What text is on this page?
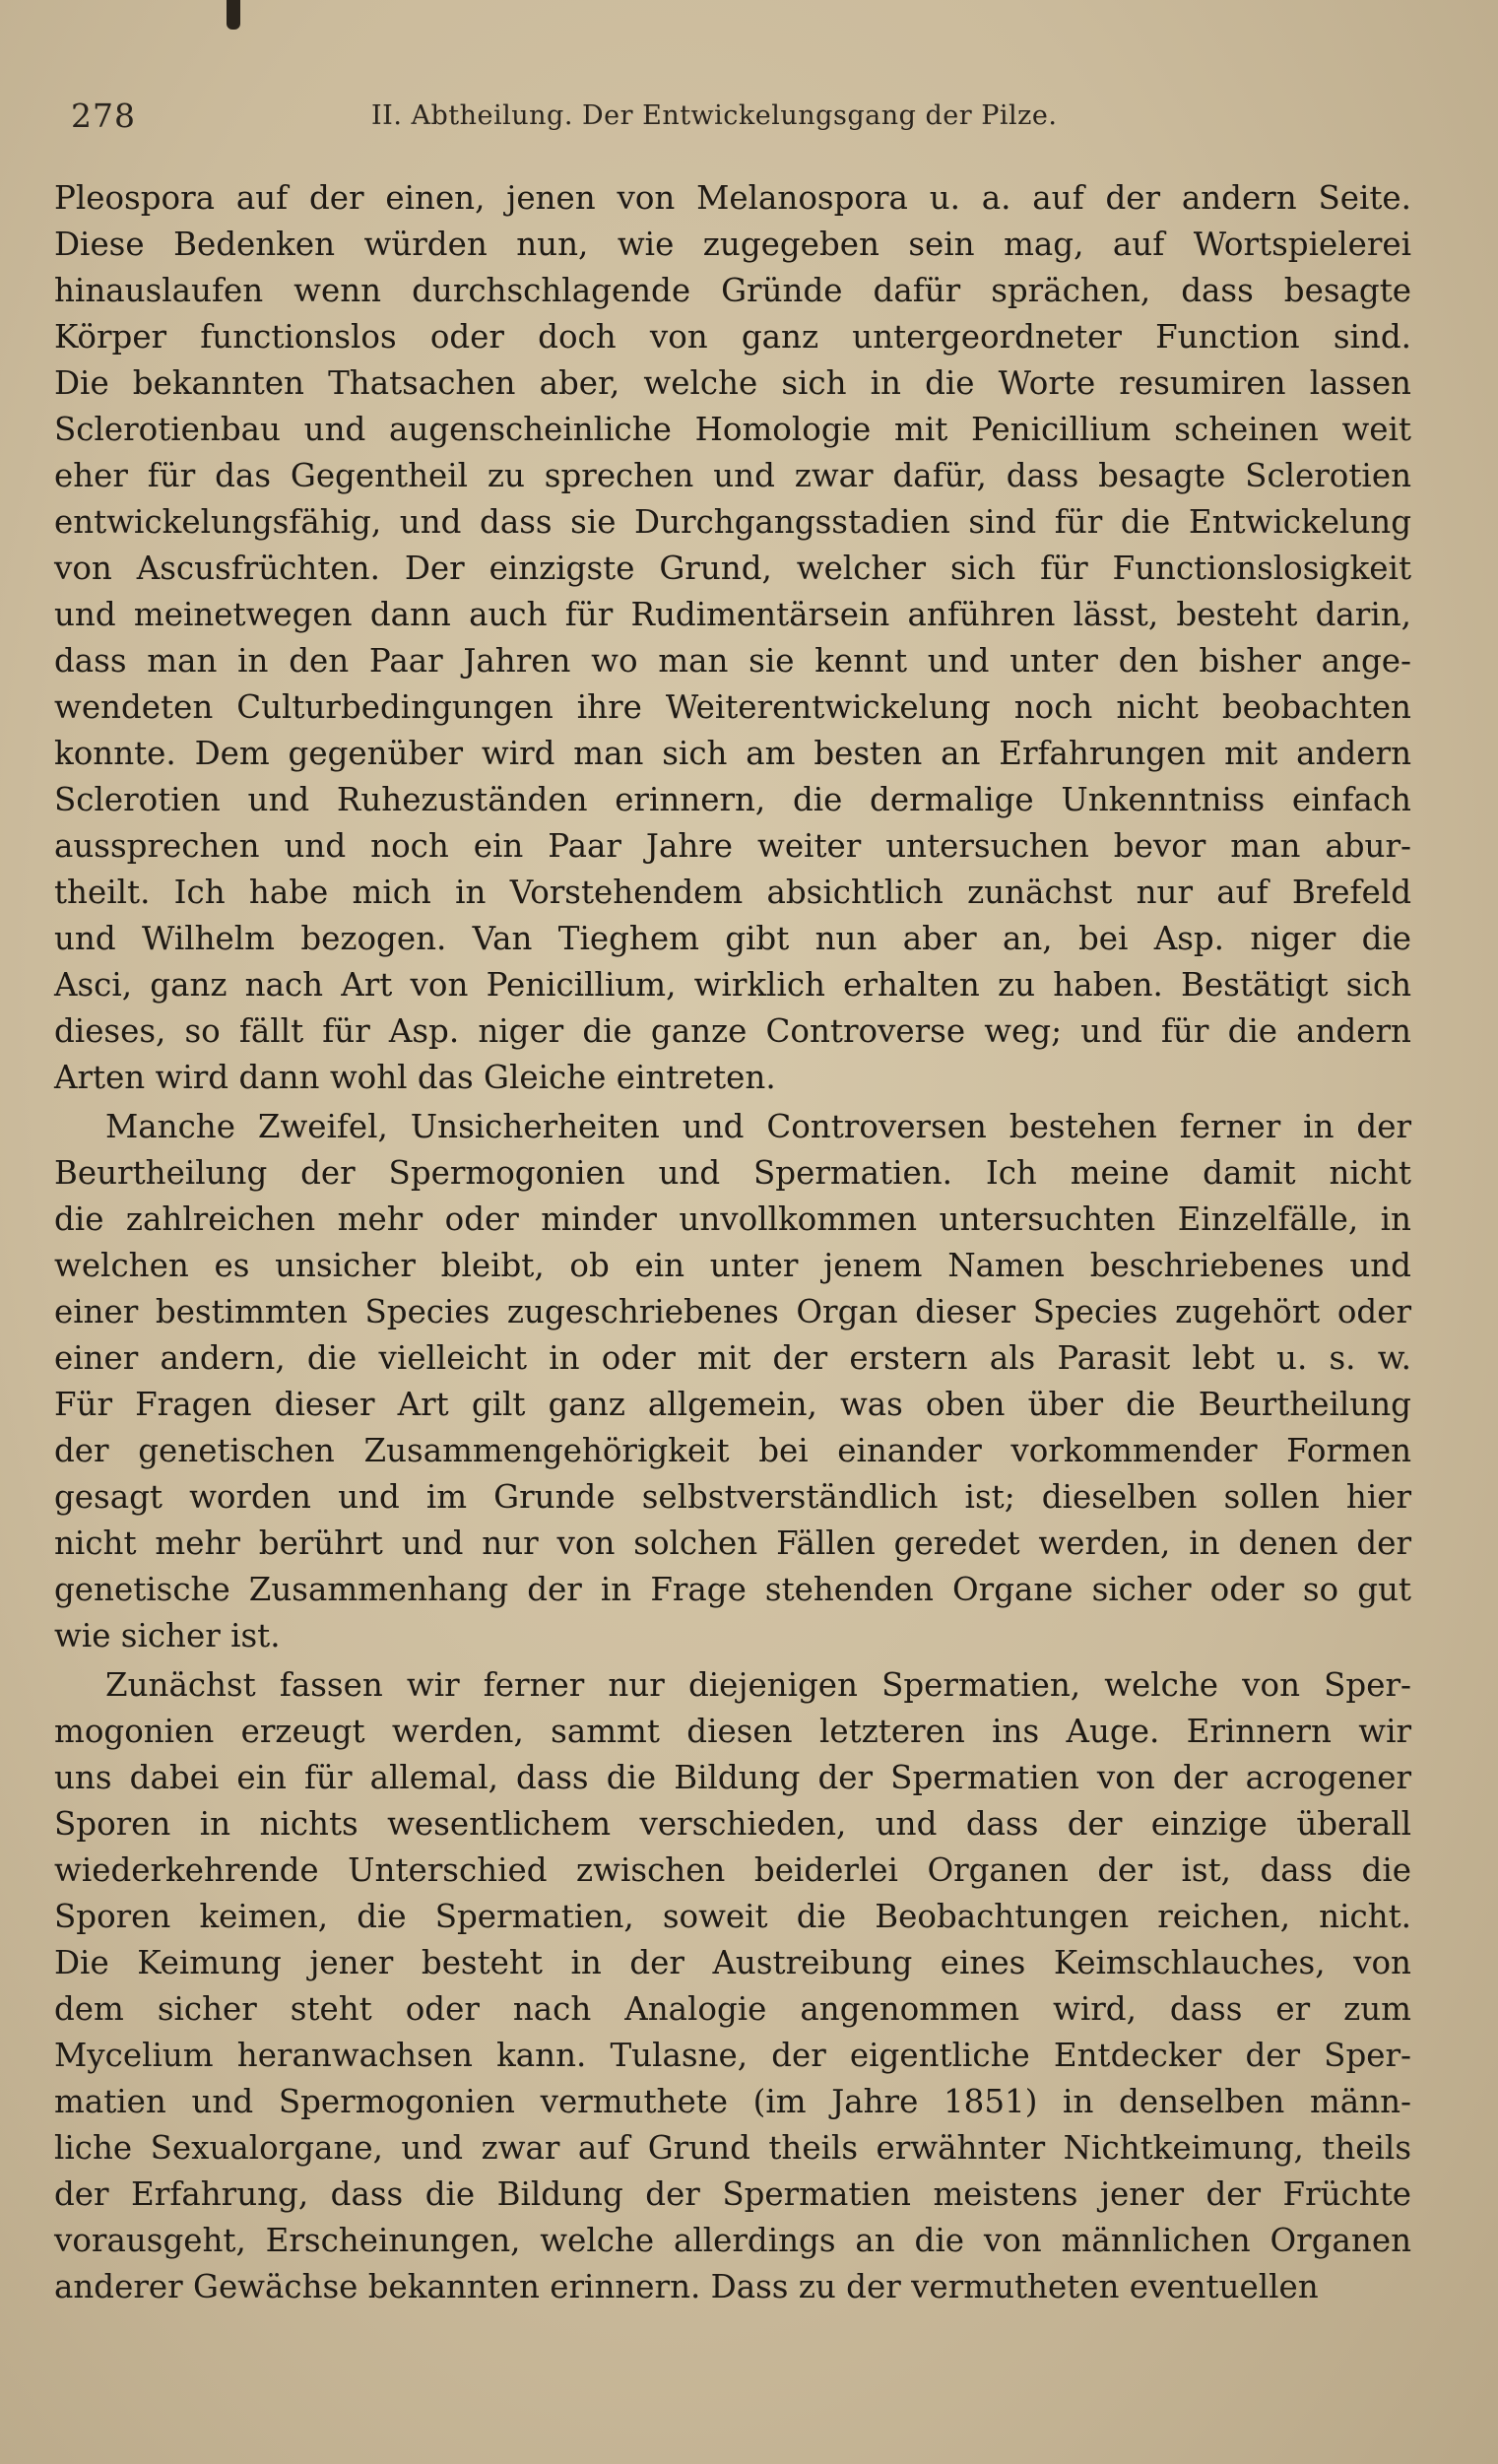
278	II. Abtheilung. Der Entwickelungsgang der Pilze.
Pleospora auf der einen, jenen von Melanospora u. a. auf der andern Seite.
Diese Bedenken würden nun, wie zugegeben sein mag, auf Wortspielerei
hinauslaufen wenn durchschlagende Gründe dafür sprächen, dass besagte
Körper functionslos oder doch von ganz untergeordneter Function sind.
Die bekannten Thatsachen aber, welche sich in die Worte resumiren lassen
Sclerotienbau und augenscheinliche Homologie mit Penicillium scheinen weit
eher für das Gegentheil zu sprechen und zwar dafür, dass besagte Sclerotien
entwickelungsfähig, und dass sie Durchgangsstadien sind für die Entwickelung
von Ascusfrüchten. Der einzigste Grund, welcher sich für Functionslosigkeit
und meinetwegen dann auch für Rudimentärsein anführen lässt, besteht darin,
dass man in den Paar Jahren wo man sie kennt und unter den bisher ange-
wendeten Culturbedingungen ihre Weiterentwickelung noch nicht beobachten
konnte. Dem gegenüber wird man sich am besten an Erfahrungen mit andern
Sclerotien und Ruhezuständen erinnern, die dermalige Unkenntniss einfach
aussprechen und noch ein Paar Jahre weiter untersuchen bevor man abur-
theilt. Ich habe mich in Vorstehendem absichtlich zunächst nur auf Brefeld
und Wilhelm bezogen. Van Tieghem gibt nun aber an, bei Asp. niger die
Asci, ganz nach Art von Penicillium, wirklich erhalten zu haben. Bestätigt sich
dieses, so fällt für Asp. niger die ganze Controverse weg; und für die andern
Arten wird dann wohl das Gleiche eintreten.
Manche Zweifel, Unsicherheiten und Controversen bestehen ferner in der
Beurtheilung der Spermogonien und Spermatien. Ich meine damit nicht
die zahlreichen mehr oder minder unvollkommen untersuchten Einzelfälle, in
welchen es unsicher bleibt, ob ein unter jenem Namen beschriebenes und
einer bestimmten Species zugeschriebenes Organ dieser Species zugehört oder
einer andern, die vielleicht in oder mit der erstern als Parasit lebt u. s. w.
Für Fragen dieser Art gilt ganz allgemein, was oben über die Beurtheilung
der genetischen Zusammengehörigkeit bei einander vorkommender Formen
gesagt worden und im Grunde selbstverständlich ist; dieselben sollen hier
nicht mehr berührt und nur von solchen Fällen geredet werden, in denen der
genetische Zusammenhang der in Frage stehenden Organe sicher oder so gut
wie sicher ist.
Zunächst fassen wir ferner nur diejenigen Spermatien, welche von Sper-
mogonien erzeugt werden, sammt diesen letzteren ins Auge. Erinnern wir
uns dabei ein für allemal, dass die Bildung der Spermatien von der acrogener
Sporen in nichts wesentlichem verschieden, und dass der einzige überall
wiederkehrende Unterschied zwischen beiderlei Organen der ist, dass die
Sporen keimen, die Spermatien, soweit die Beobachtungen reichen, nicht.
Die Keimung jener besteht in der Austreibung eines Keimschlauches, von
dem sicher steht oder nach Analogie angenommen wird, dass er zum
Mycelium heranwachsen kann. Tulasne, der eigentliche Entdecker der Sper-
matien und Spermogonien vermuthete (im Jahre 1851) in denselben männ-
liche Sexualorgane, und zwar auf Grund theils erwähnter Nichtkeimung, theils
der Erfahrung, dass die Bildung der Spermatien meistens jener der Früchte
vorausgeht, Erscheinungen, welche allerdings an die von männlichen Organen
anderer Gewächse bekannten erinnern. Dass zu der vermutheten eventuellen
